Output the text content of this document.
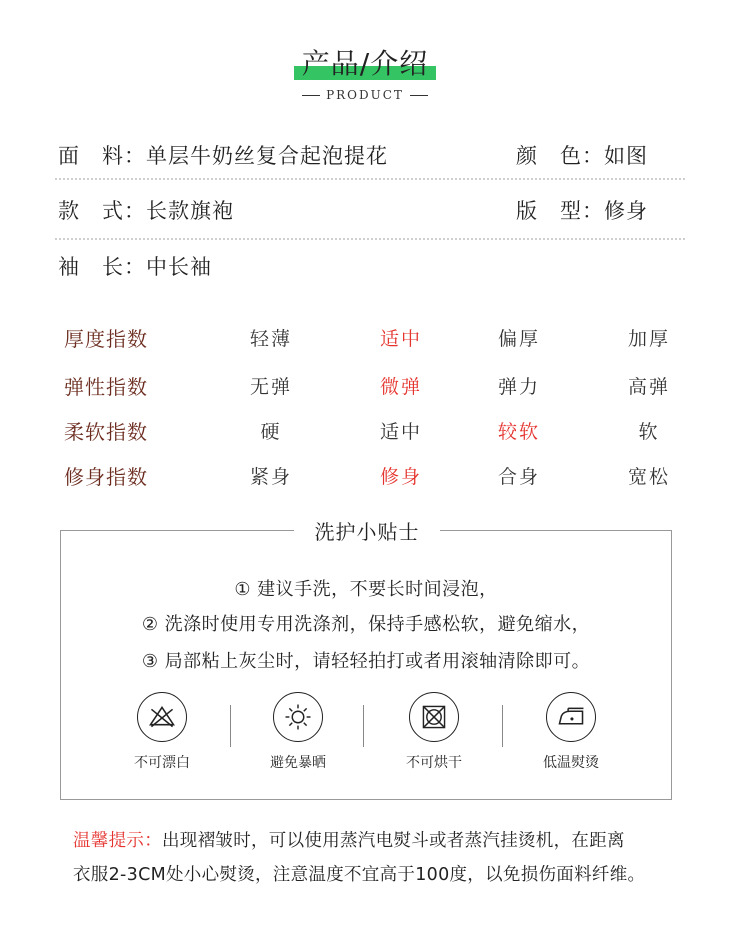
产品/介绍
PRODUCT
面　料：单层牛奶丝复合起泡提花	颜　色：如图
款　式：长款旗袍	版　型：修身
袖　长：中长袖
厚度指数	轻薄	适中	偏厚	加厚
弹性指数	无弹	微弹	弹力	高弹
柔软指数	硬	适中	较软	软
修身指数	紧身	修身	合身	宽松
洗护小贴士
① 建议手洗，不要长时间浸泡，
② 洗涤时使用专用洗涤剂，保持手感松软，避免缩水，
③ 局部粘上灰尘时，请轻轻拍打或者用滚轴清除即可。
不可漂白	避免暴晒	不可烘干	低温熨烫
温馨提示：出现褶皱时，可以使用蒸汽电熨斗或者蒸汽挂烫机，在距离
衣服2-3CM处小心熨烫，注意温度不宜高于100度，以免损伤面料纤维。
